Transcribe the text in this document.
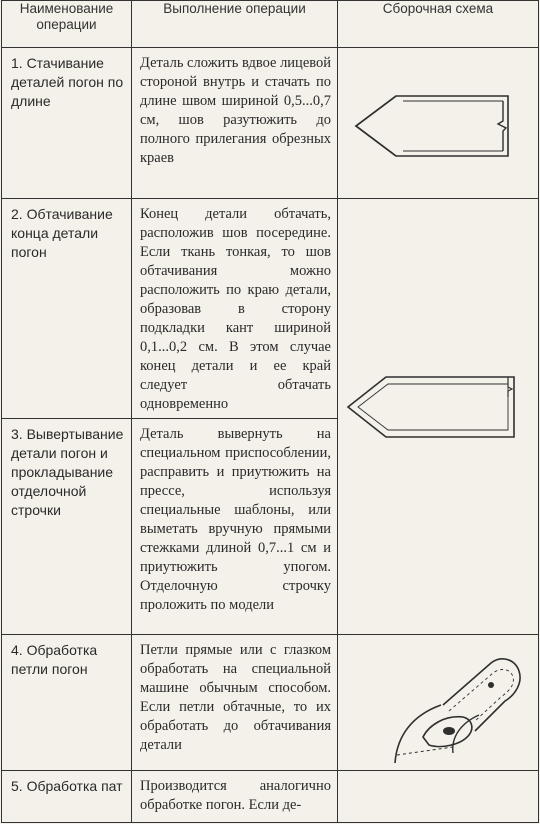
Наименование операции	Выполнение операции	Сборочная схема

1. Стачивание деталей погон по длине	Деталь сложить вдвое лицевой стороной внутрь и стачать по длине швом шириной 0,5...0,7 см, шов разутюжить до полного прилегания обрезных краев

2. Обтачивание конца детали погон	Конец детали обтачать, расположив шов посередине. Если ткань тонкая, то шов обтачивания можно расположить по краю детали, образовав в сторону подкладки кант шириной 0,1...0,2 см. В этом случае конец детали и ее край следует обтачать одновременно

3. Вывертывание детали погон и прокладывание отделочной строчки	Деталь вывернуть на специальном приспособлении, расправить и приутюжить на прессе, используя специальные шаблоны, или выметать вручную прямыми стежками длиной 0,7...1 см и приутюжить упогом. Отделочную строчку проложить по модели	

4. Обработка петли погон	Петли прямые или с глазком обработать на специальной машине обычным способом. Если петли обтачные, то их обработать до обтачивания детали

5. Обработка пат	Производится аналогично обработке погон. Если де-	
